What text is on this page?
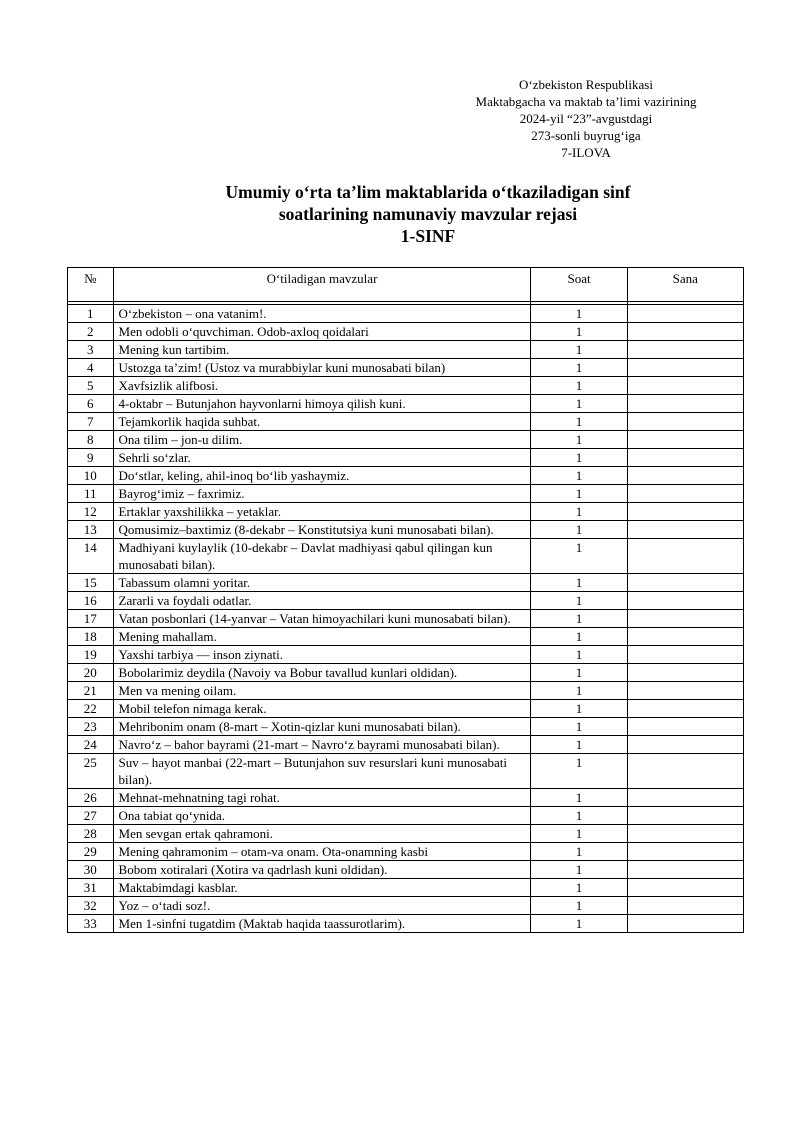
O‘zbekiston Respublikasi
Maktabgacha va maktab ta’limi vazirining
2024-yil “23”-avgustdagi
273-sonli buyrug‘iga
7-ILOVA
Umumiy o‘rta ta’lim maktablarida o‘tkaziladigan sinf
soatlarining namunaviy mavzular rejasi
1-SINF
№	O‘tiladigan mavzular	Soat	Sana

1	O‘zbekiston – ona vatanim!.	1	
2	Men odobli o‘quvchiman. Odob-axloq qoidalari	1	
3	Mening kun tartibim.	1	
4	Ustozga ta’zim! (Ustoz va murabbiylar kuni munosabati bilan)	1	
5	Xavfsizlik alifbosi.	1	
6	4-oktabr – Butunjahon hayvonlarni himoya qilish kuni.	1	
7	Tejamkorlik haqida suhbat.	1	
8	Ona tilim – jon-u dilim.	1	
9	Sehrli so‘zlar.	1	
10	Do‘stlar, keling, ahil-inoq bo‘lib yashaymiz.	1	
11	Bayrog‘imiz – faxrimiz.	1	
12	Ertaklar yaxshilikka – yetaklar.	1	
13	Qomusimiz–baxtimiz (8-dekabr – Konstitutsiya kuni munosabati bilan).	1	
14	Madhiyani kuylaylik (10-dekabr – Davlat madhiyasi qabul qilingan kun munosabati bilan).	1	
15	Tabassum olamni yoritar.	1	
16	Zararli va foydali odatlar.	1	
17	Vatan posbonlari (14-yanvar – Vatan himoyachilari kuni munosabati bilan).	1	
18	Mening mahallam.	1	
19	Yaxshi tarbiya — inson ziynati.	1	
20	Bobolarimiz deydila (Navoiy va Bobur tavallud kunlari oldidan).	1	
21	Men va mening oilam.	1	
22	Mobil telefon nimaga kerak.	1	
23	Mehribonim onam (8-mart – Xotin-qizlar kuni munosabati bilan).	1	
24	Navro‘z – bahor bayrami (21-mart – Navro‘z bayrami munosabati bilan).	1	
25	Suv – hayot manbai (22-mart – Butunjahon suv resurslari kuni munosabati bilan).	1	
26	Mehnat-mehnatning tagi rohat.	1	
27	Ona tabiat qo‘ynida.	1	
28	Men sevgan ertak qahramoni.	1	
29	Mening qahramonim – otam-va onam. Ota-onamning kasbi	1	
30	Bobom xotiralari (Xotira va qadrlash kuni oldidan).	1	
31	Maktabimdagi kasblar.	1	
32	Yoz – o‘tadi soz!.	1	
33	Men 1-sinfni tugatdim (Maktab haqida taassurotlarim).	1	
